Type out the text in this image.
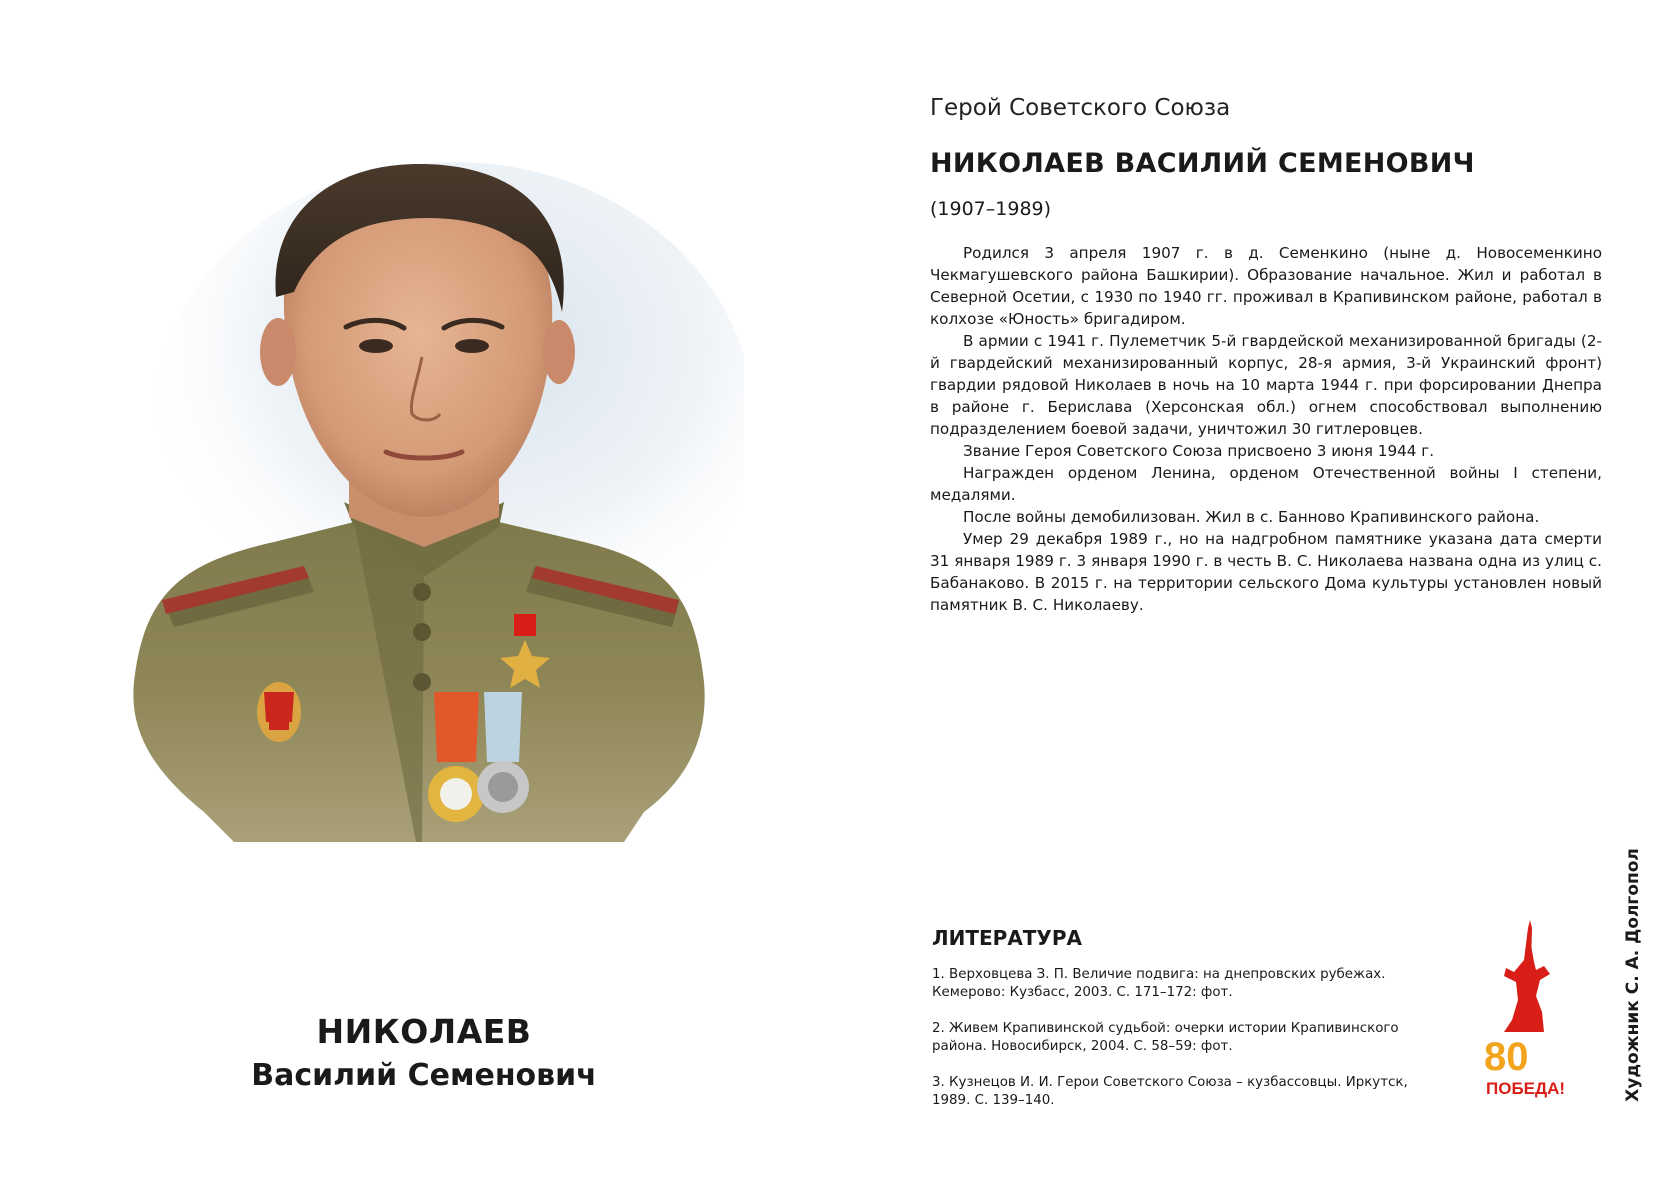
НИКОЛАЕВ
Василий Семенович
Герой Советского Союза
НИКОЛАЕВ ВАСИЛИЙ СЕМЕНОВИЧ
(1907–1989)

Родился 3 апреля 1907 г. в д. Семенкино (ныне д. Новосеменкино Чекмагушевского района Башкирии). Образование начальное. Жил и работал в Северной Осетии, с 1930 по 1940 гг. проживал в Крапивинском районе, работал в колхозе «Юность» бригадиром.

В армии с 1941 г. Пулеметчик 5-й гвардейской механизированной бригады (2-й гвардейский механизированный корпус, 28-я армия, 3-й Украинский фронт) гвардии рядовой Николаев в ночь на 10 марта 1944 г. при форсировании Днепра в районе г. Берислава (Херсонская обл.) огнем способствовал выполнению подразделением боевой задачи, уничтожил 30 гитлеровцев.

Звание Героя Советского Союза присвоено 3 июня 1944 г.

Награжден орденом Ленина, орденом Отечественной войны I степени, медалями.

После войны демобилизован. Жил в с. Банново Крапивинского района.

Умер 29 декабря 1989 г., но на надгробном памятнике указана дата смерти 31 января 1989 г. 3 января 1990 г. в честь В. С. Николаева названа одна из улиц с. Бабанаково. В 2015 г. на территории сельского Дома культуры установлен новый памятник В. С. Николаеву.

ЛИТЕРАТУРА
1. Верховцева З. П. Величие подвига: на днепровских рубежах. Кемерово: Кузбасс, 2003. С. 171–172: фот.
2. Живем Крапивинской судьбой: очерки истории Крапивинского района. Новосибирск, 2004. С. 58–59: фот.
3. Кузнецов И. И. Герои Советского Союза – кузбассовцы. Иркутск, 1989. С. 139–140.
80
ПОБЕДА!	Художник С. А. Долгопол
